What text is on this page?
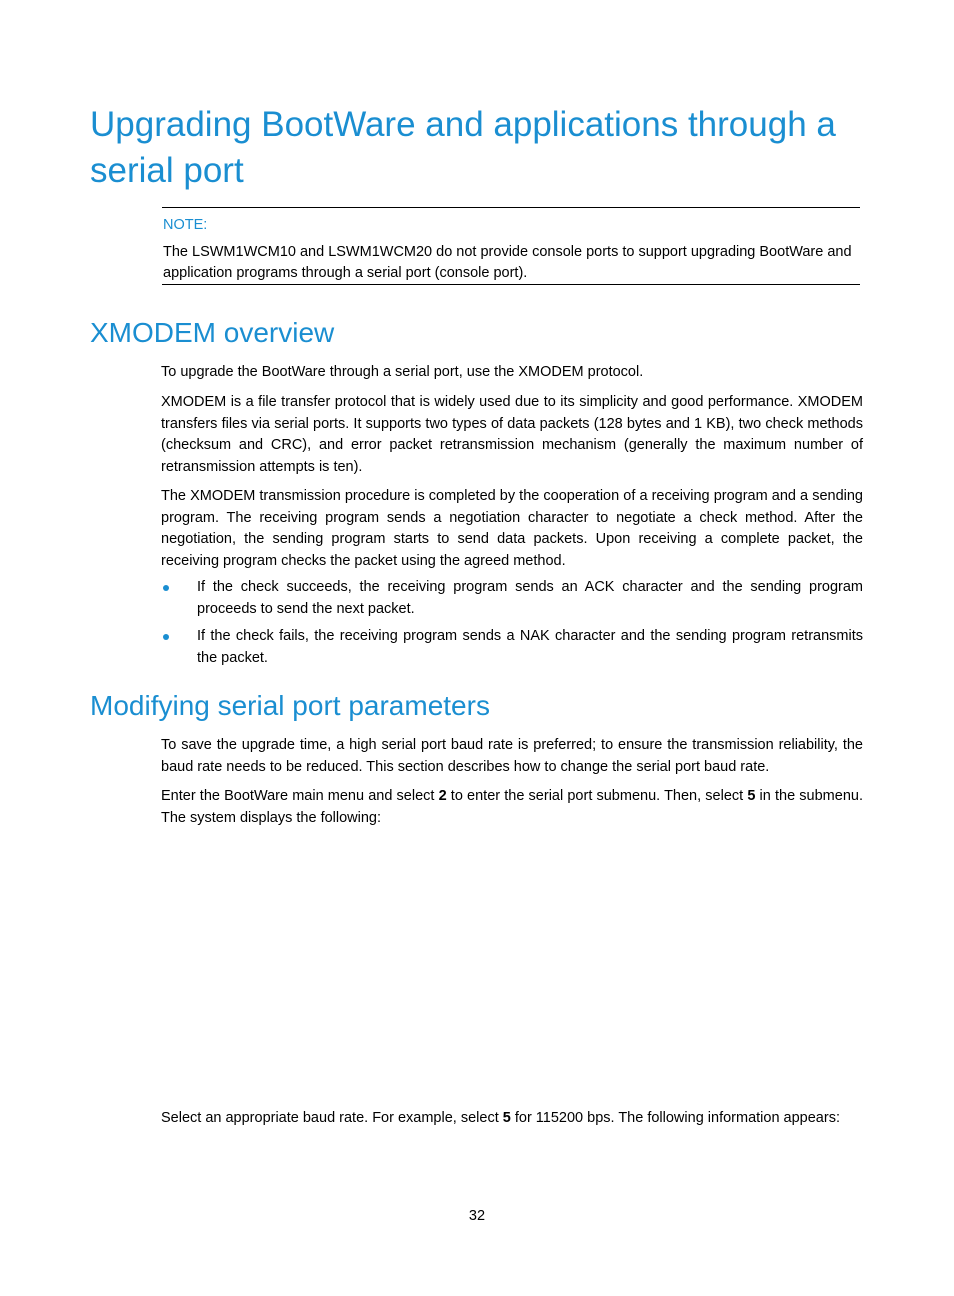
Upgrading BootWare and applications through a serial port
NOTE:
The LSWM1WCM10 and LSWM1WCM20 do not provide console ports to support upgrading BootWare and application programs through a serial port (console port).
XMODEM overview

To upgrade the BootWare through a serial port, use the XMODEM protocol.

XMODEM is a file transfer protocol that is widely used due to its simplicity and good performance. XMODEM transfers files via serial ports. It supports two types of data packets (128 bytes and 1 KB), two check methods (checksum and CRC), and error packet retransmission mechanism (generally the maximum number of retransmission attempts is ten).

The XMODEM transmission procedure is completed by the cooperation of a receiving program and a sending program. The receiving program sends a negotiation character to negotiate a check method. After the negotiation, the sending program starts to send data packets. Upon receiving a complete packet, the receiving program checks the packet using the agreed method.

If the check succeeds, the receiving program sends an ACK character and the sending program proceeds to send the next packet.

If the check fails, the receiving program sends a NAK character and the sending program retransmits the packet.

Modifying serial port parameters

To save the upgrade time, a high serial port baud rate is preferred; to ensure the transmission reliability, the baud rate needs to be reduced. This section describes how to change the serial port baud rate.

Enter the BootWare main menu and select 2 to enter the serial port submenu. Then, select 5 in the submenu. The system displays the following:

Select an appropriate baud rate. For example, select 5 for 115200 bps. The following information appears:

32
